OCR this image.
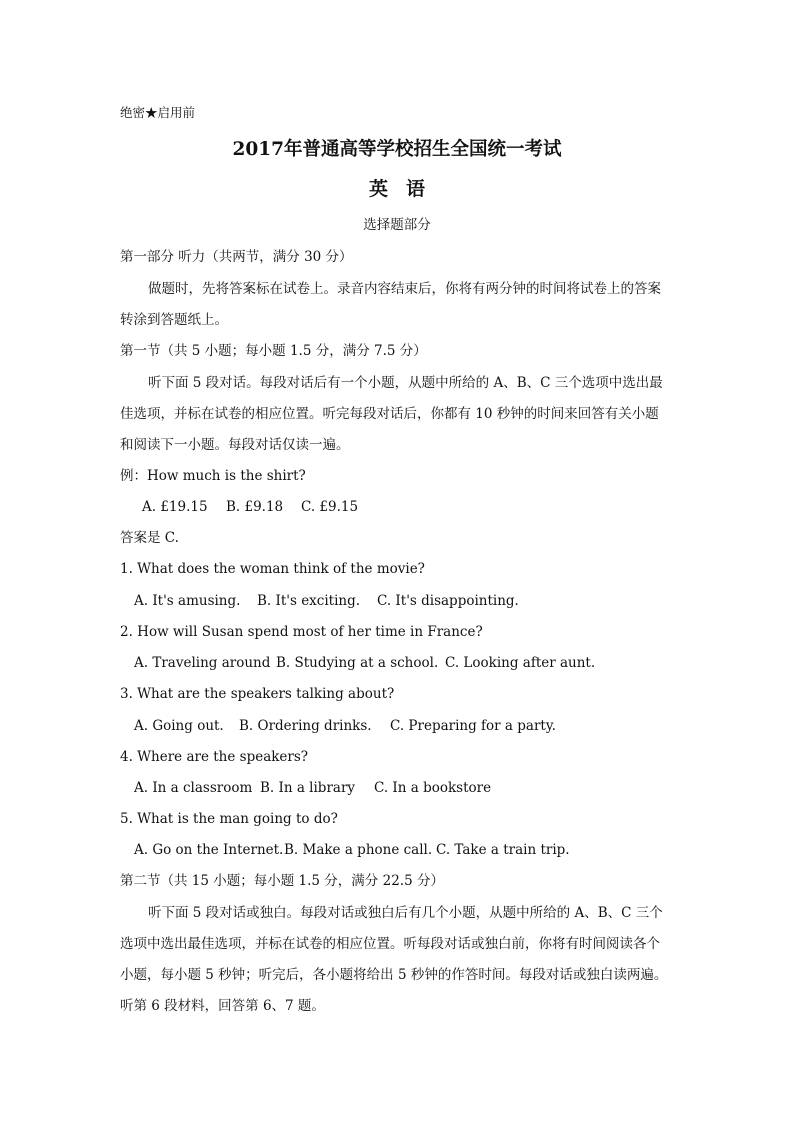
绝密★启用前
2017年普通高等学校招生全国统一考试
英语
选择题部分
第一部分 听力（共两节，满分 30 分）
做题时，先将答案标在试卷上。录音内容结束后，你将有两分钟的时间将试卷上的答案
转涂到答题纸上。
第一节（共 5 小题；每小题 1.5 分，满分 7.5 分）
听下面 5 段对话。每段对话后有一个小题，从题中所给的 A、B、C 三个选项中选出最
佳选项，并标在试卷的相应位置。听完每段对话后，你都有 10 秒钟的时间来回答有关小题
和阅读下一小题。每段对话仅读一遍。
例：How much is the shirt?
A. £19.15 B. £9.18 C. £9.15
答案是 C.
1. What does the woman think of the movie?
A. It's amusing. B. It's exciting. C. It's disappointing.
2. How will Susan spend most of her time in France?
A. Traveling around B. Studying at a school. C. Looking after aunt.
3. What are the speakers talking about?
A. Going out. B. Ordering drinks. C. Preparing for a party.
4. Where are the speakers?
A. In a classroom B. In a library C. In a bookstore
5. What is the man going to do?
A. Go on the Internet.B. Make a phone call. C. Take a train trip.
第二节（共 15 小题；每小题 1.5 分，满分 22.5 分）
听下面 5 段对话或独白。每段对话或独白后有几个小题，从题中所给的 A、B、C 三个
选项中选出最佳选项，并标在试卷的相应位置。听每段对话或独白前，你将有时间阅读各个
小题，每小题 5 秒钟；听完后，各小题将给出 5 秒钟的作答时间。每段对话或独白读两遍。
听第 6 段材料，回答第 6、7 题。
